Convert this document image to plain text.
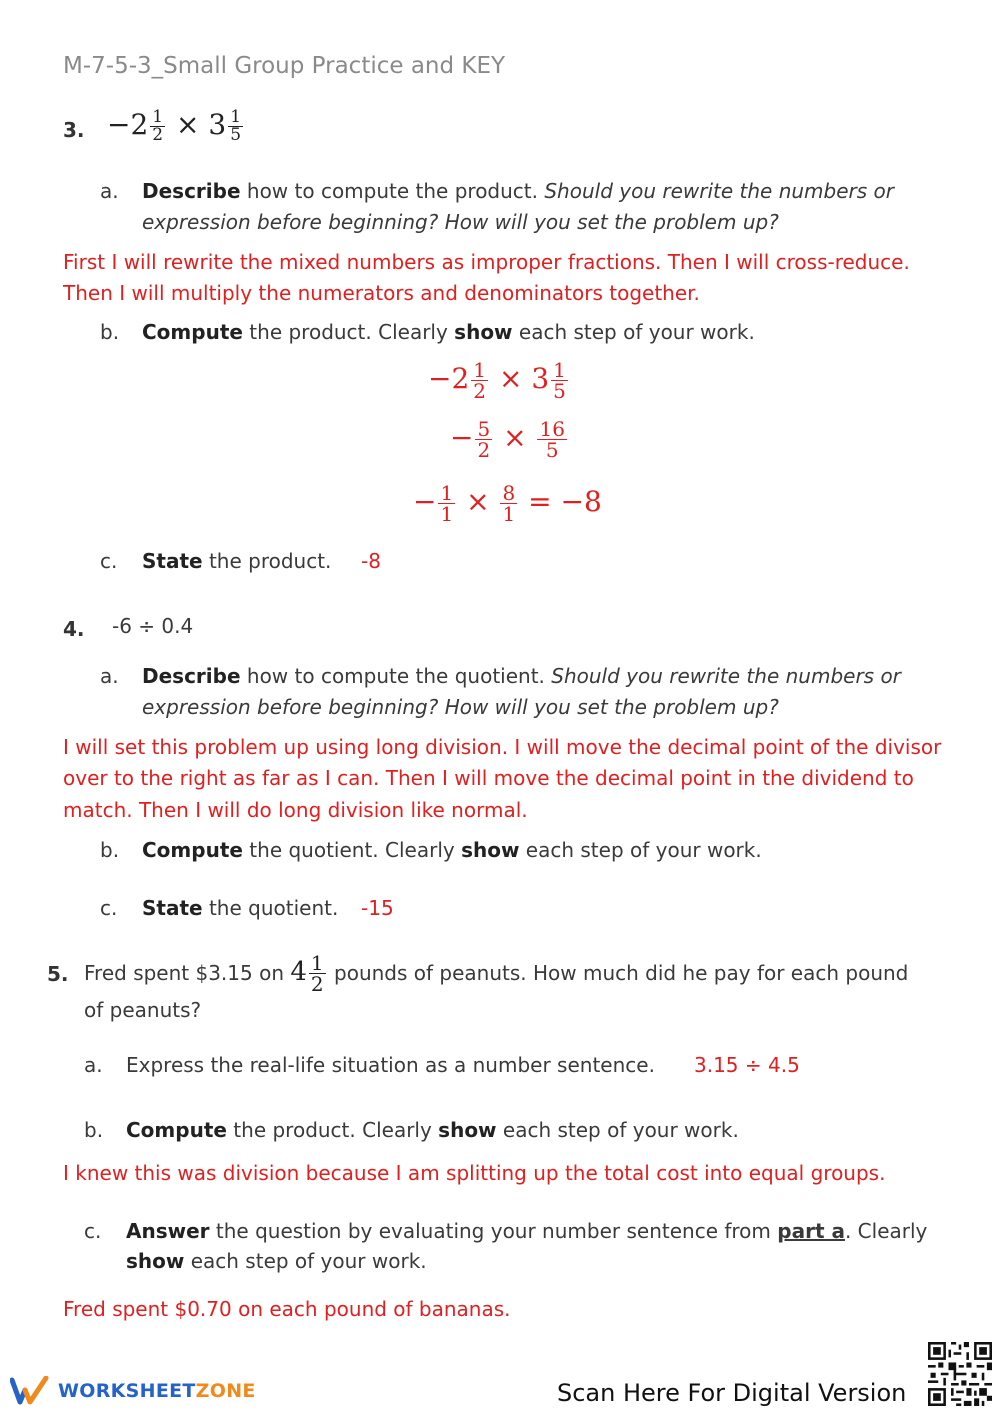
M-7-5-3_Small Group Practice and KEY
3. $-2 \frac{1}{2} \times 3 \frac{1}{5}$
a. Describe how to compute the product. Should you rewrite the numbers or
expression before beginning? How will you set the problem up?
First I will rewrite the mixed numbers as improper fractions. Then I will cross-reduce.
Then I will multiply the numerators and denominators together.
b. Compute the product. Clearly show each step of your work.
$-2 \frac{1}{2} \times 3 \frac{1}{5}$
− $\frac{5}{2} \times \frac{16}{5}$
− $\frac{1}{1} \times \frac{8}{1} = -8$
c. State the product. -8
4. -6 ÷ 0.4
a. Describe how to compute the quotient. Should you rewrite the numbers or
expression before beginning? How will you set the problem up?
I will set this problem up using long division. I will move the decimal point of the divisor
over to the right as far as I can. Then I will move the decimal point in the dividend to
match. Then I will do long division like normal.
b. Compute the quotient. Clearly show each step of your work.
c. State the quotient. -15
5. Fred spent $3.15 on $4 \frac{1}{2}$ pounds of peanuts. How much did he pay for each pound
of peanuts?
a. Express the real-life situation as a number sentence. 3.15 ÷ 4.5
b. Compute the product. Clearly show each step of your work.
I knew this was division because I am splitting up the total cost into equal groups.
c. Answer the question by evaluating your number sentence from part a. Clearly
show each step of your work.
Fred spent $0.70 on each pound of bananas.
WORKSHEETZONE	Scan Here For Digital Version
